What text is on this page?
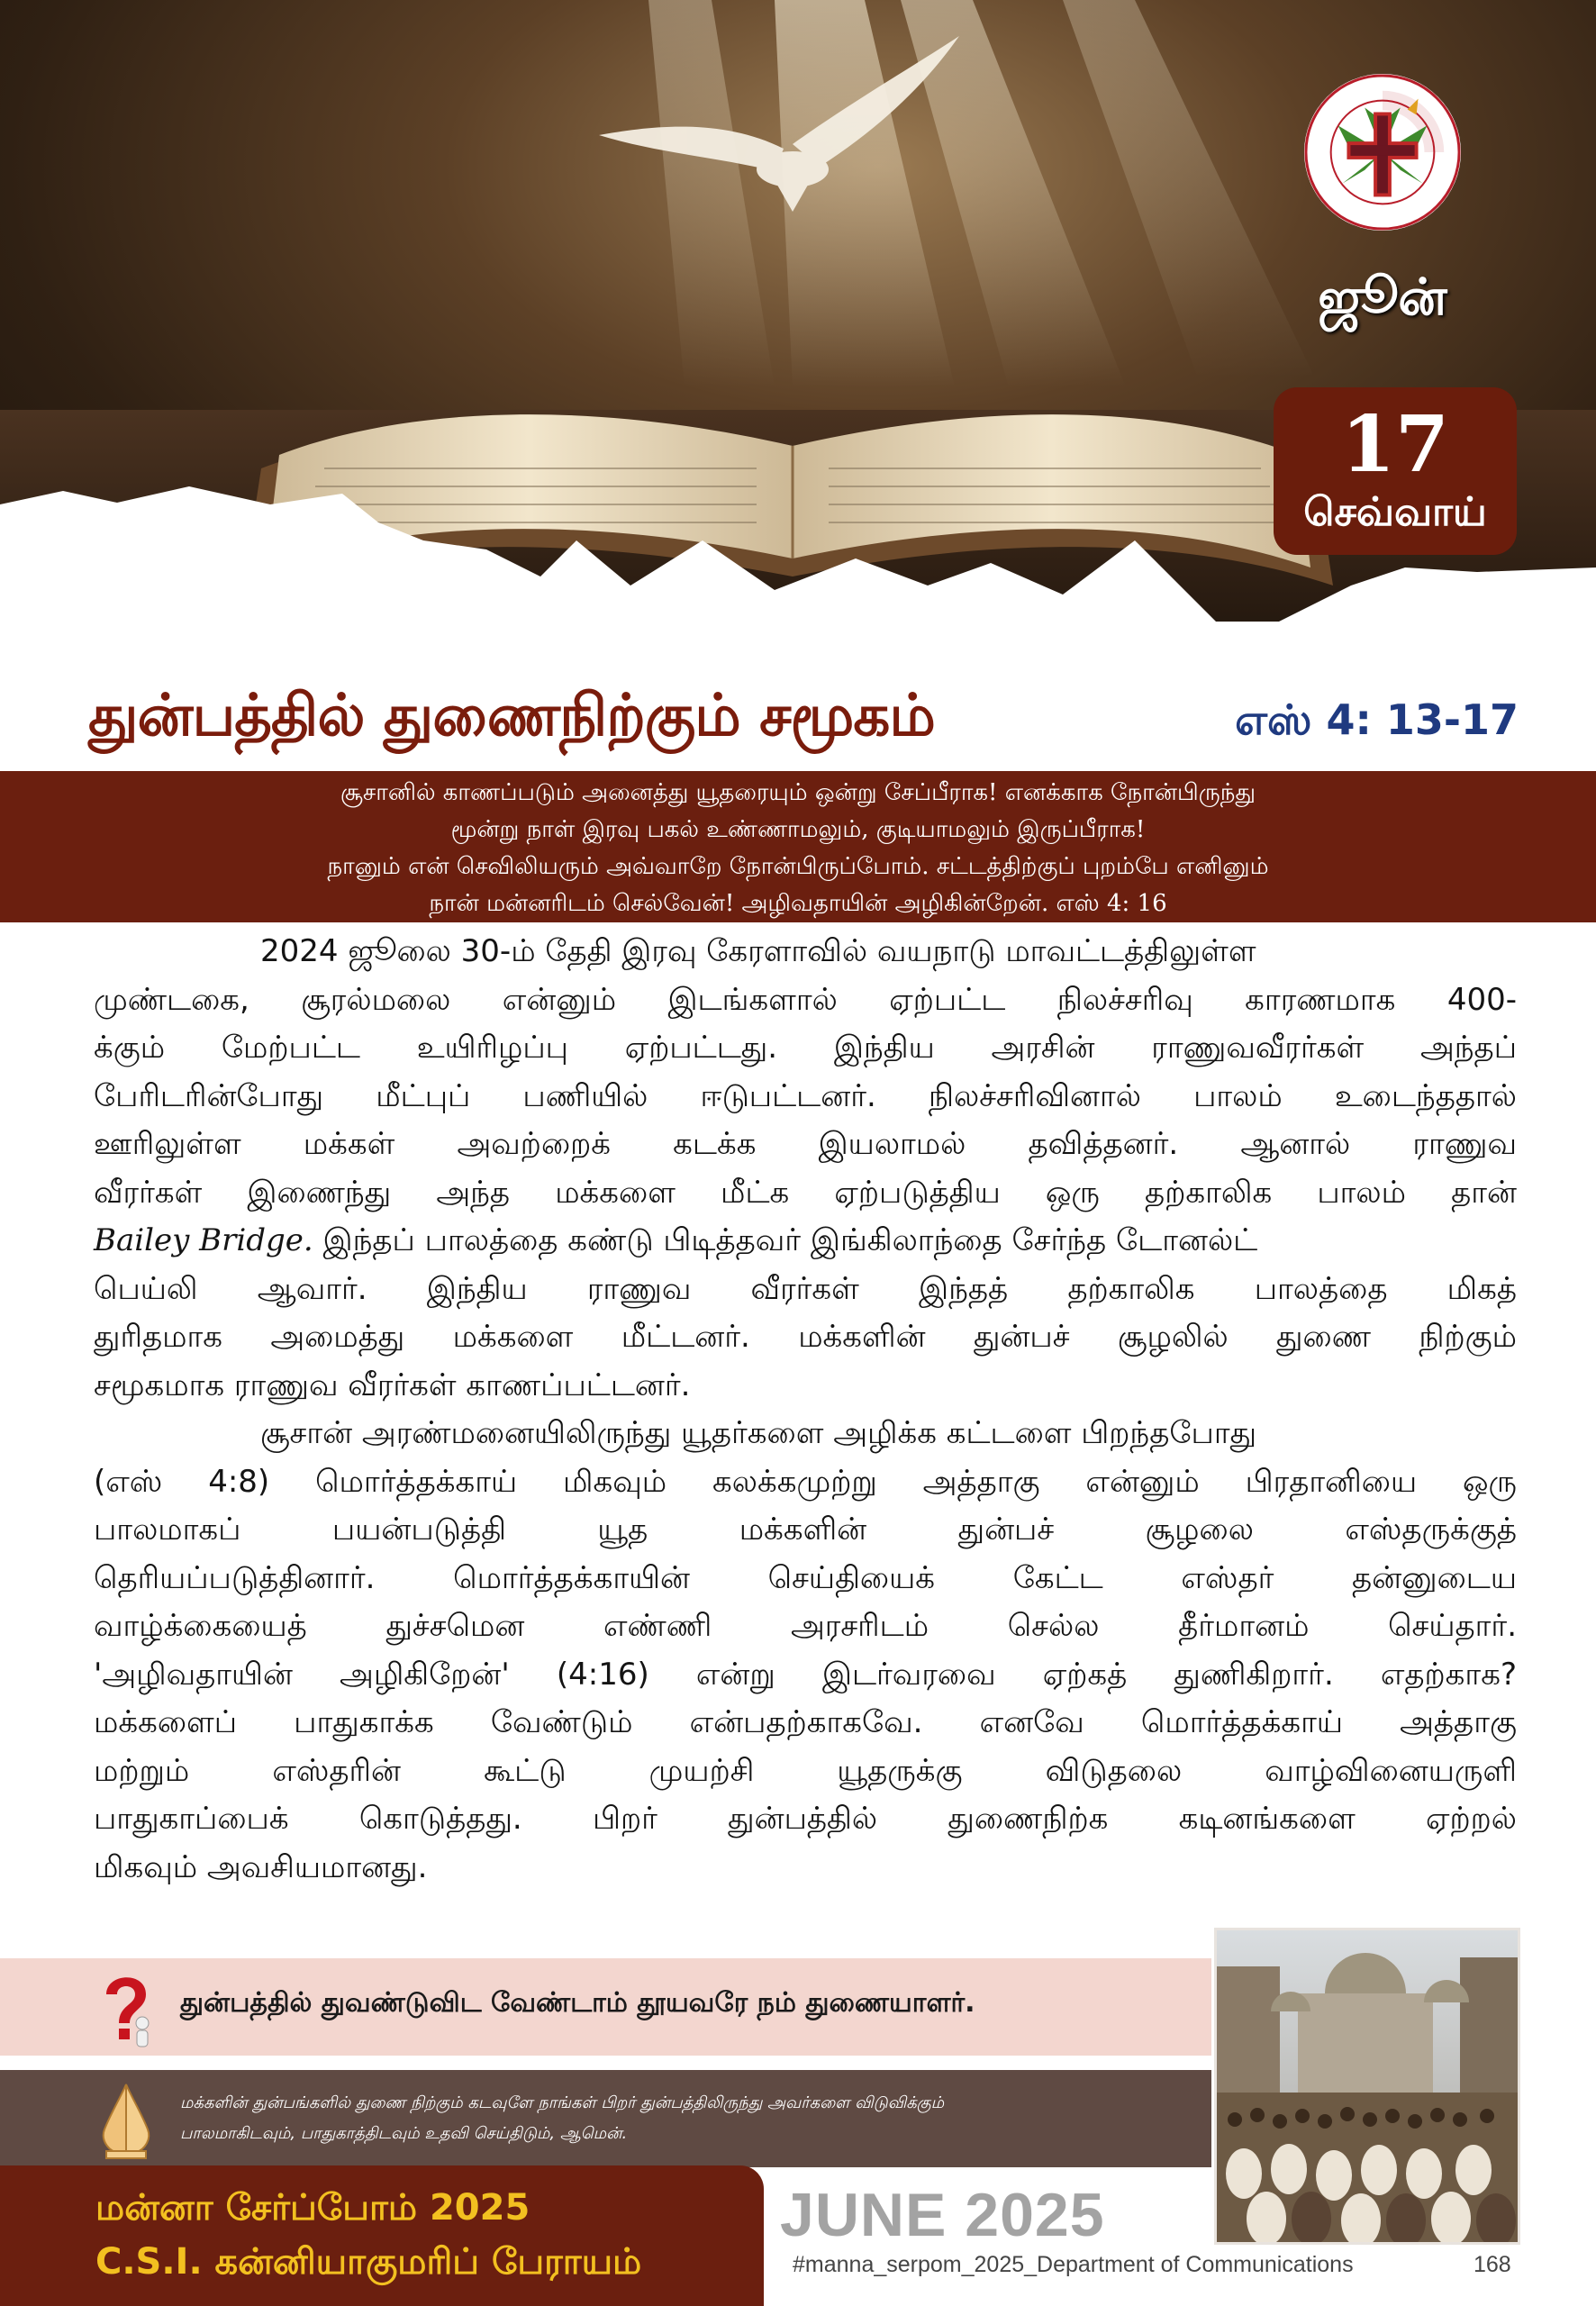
ஜூன்
17
செவ்வாய்
துன்பத்தில் துணைநிற்கும் சமூகம்	எஸ் 4: 13-17
சூசானில் காணப்படும் அனைத்து யூதரையும் ஒன்று சேப்பீராக! எனக்காக நோன்பிருந்து
மூன்று நாள் இரவு பகல் உண்ணாமலும், குடியாமலும் இருப்பீராக!
நானும் என் செவிலியரும் அவ்வாறே நோன்பிருப்போம். சட்டத்திற்குப் புறம்பே எனினும்
நான் மன்னரிடம் செல்வேன்! அழிவதாயின் அழிகின்றேன். எஸ் 4: 16
2024 ஜூலை 30-ம் தேதி இரவு கேரளாவில் வயநாடு மாவட்டத்திலுள்ள
முண்டகை, சூரல்மலை என்னும் இடங்களால் ஏற்பட்ட நிலச்சரிவு காரணமாக 400-
க்கும் மேற்பட்ட உயிரிழப்பு ஏற்பட்டது. இந்திய அரசின் ராணுவவீரர்கள் அந்தப்
பேரிடரின்போது மீட்புப் பணியில் ஈடுபட்டனர். நிலச்சரிவினால் பாலம் உடைந்ததால்
ஊரிலுள்ள மக்கள் அவற்றைக் கடக்க இயலாமல் தவித்தனர். ஆனால் ராணுவ
வீரர்கள் இணைந்து அந்த மக்களை மீட்க ஏற்படுத்திய ஒரு தற்காலிக பாலம் தான்
Bailey Bridge. இந்தப் பாலத்தை கண்டு பிடித்தவர் இங்கிலாந்தை சேர்ந்த டோனல்ட்
பெய்லி ஆவார். இந்திய ராணுவ வீரர்கள் இந்தத் தற்காலிக பாலத்தை மிகத்
துரிதமாக அமைத்து மக்களை மீட்டனர். மக்களின் துன்பச் சூழலில் துணை நிற்கும்
சமூகமாக ராணுவ வீரர்கள் காணப்பட்டனர்.
சூசான் அரண்மனையிலிருந்து யூதர்களை அழிக்க கட்டளை பிறந்தபோது
(எஸ் 4:8) மொர்த்தக்காய் மிகவும் கலக்கமுற்று அத்தாகு என்னும் பிரதானியை ஒரு
பாலமாகப் பயன்படுத்தி யூத மக்களின் துன்பச் சூழலை எஸ்தருக்குத்
தெரியப்படுத்தினார். மொர்த்தக்காயின் செய்தியைக் கேட்ட எஸ்தர் தன்னுடைய
வாழ்க்கையைத் துச்சமென எண்ணி அரசரிடம் செல்ல தீர்மானம் செய்தார்.
'அழிவதாயின் அழிகிறேன்' (4:16) என்று இடர்வரவை ஏற்கத் துணிகிறார். எதற்காக?
மக்களைப் பாதுகாக்க வேண்டும் என்பதற்காகவே. எனவே மொர்த்தக்காய் அத்தாகு
மற்றும் எஸ்தரின் கூட்டு முயற்சி யூதருக்கு விடுதலை வாழ்வினையருளி
பாதுகாப்பைக் கொடுத்தது. பிறர் துன்பத்தில் துணைநிற்க கடினங்களை ஏற்றல்
மிகவும் அவசியமானது.
துன்பத்தில் துவண்டுவிட வேண்டாம் தூயவரே நம் துணையாளர்.
மக்களின் துன்பங்களில் துணை நிற்கும் கடவுளே நாங்கள் பிறர் துன்பத்திலிருந்து அவர்களை விடுவிக்கும்
பாலமாகிடவும், பாதுகாத்திடவும் உதவி செய்திடும், ஆமென்.
மன்னா சேர்ப்போம் 2025
C.S.I. கன்னியாகுமரிப் பேராயம்
JUNE 2025
#manna_serpom_2025_Department of Communications	168
